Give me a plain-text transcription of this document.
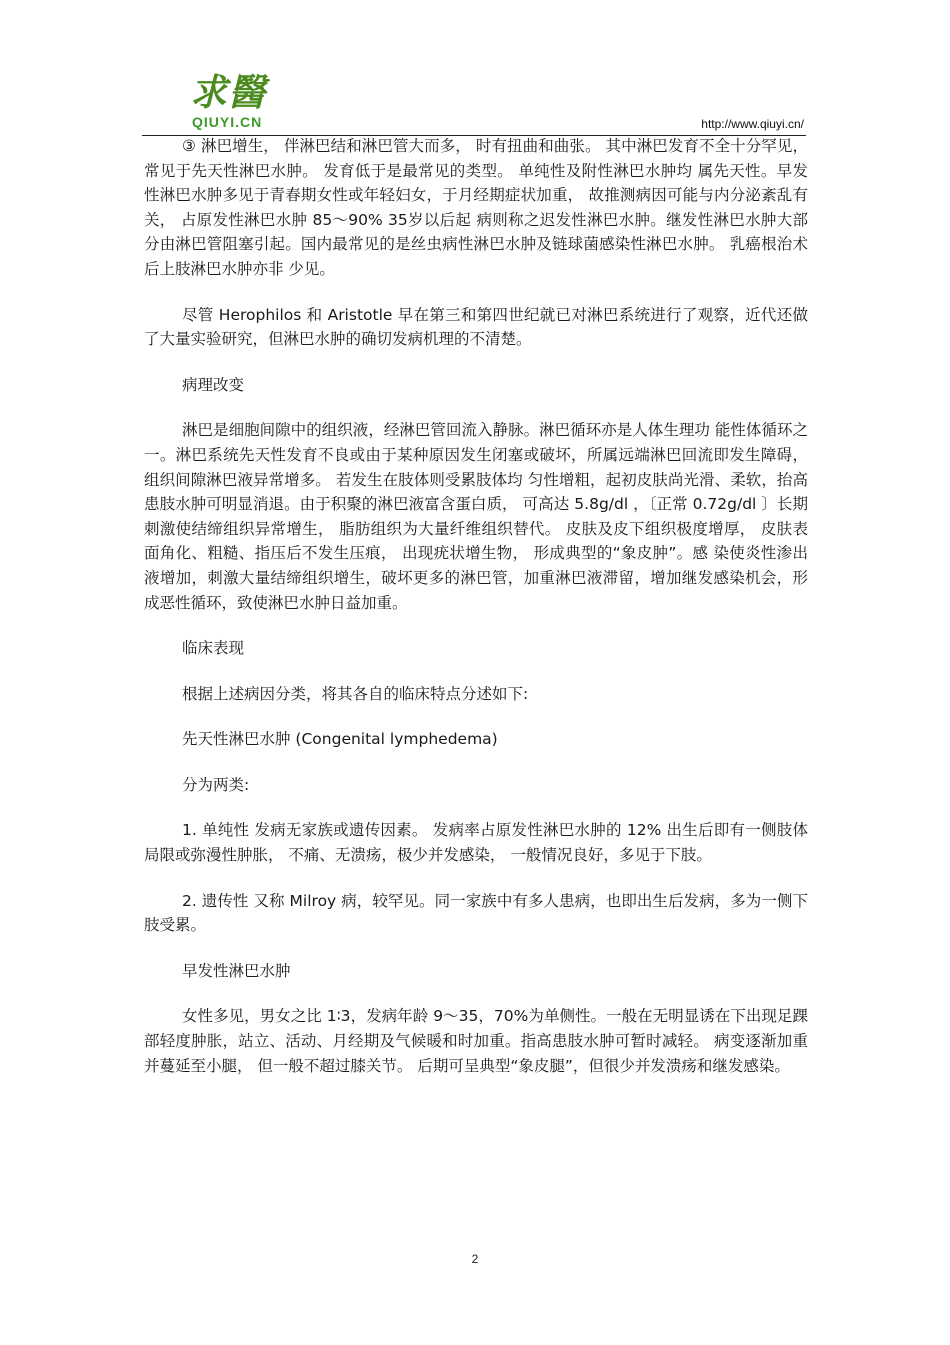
求醫
QIUYI.CN	http://www.qiuyi.cn/

③ 淋巴增生， 伴淋巴结和淋巴管大而多， 时有扭曲和曲张。 其中淋巴发育不全十分罕见， 常见于先天性淋巴水肿。 发育低于是最常见的类型。 单纯性及附性淋巴水肿均 属先天性。早发性淋巴水肿多见于青春期女性或年轻妇女，于月经期症状加重， 故推测病因可能与内分泌紊乱有关， 占原发性淋巴水肿 85～90% 35岁以后起 病则称之迟发性淋巴水肿。继发性淋巴水肿大部分由淋巴管阻塞引起。国内最常见的是丝虫病性淋巴水肿及链球菌感染性淋巴水肿。 乳癌根治术后上肢淋巴水肿亦非 少见。

尽管 Herophilos 和 Aristotle 早在第三和第四世纪就已对淋巴系统进行了观察，近代还做了大量实验研究，但淋巴水肿的确切发病机理的不清楚。

病理改变

淋巴是细胞间隙中的组织液，经淋巴管回流入静脉。淋巴循环亦是人体生理功 能性体循环之一。淋巴系统先天性发育不良或由于某种原因发生闭塞或破坏，所属远端淋巴回流即发生障碍， 组织间隙淋巴液异常增多。 若发生在肢体则受累肢体均 匀性增粗，起初皮肤尚光滑、柔软，抬高患肢水肿可明显消退。由于积聚的淋巴液富含蛋白质， 可高达 5.8g/dl ，〔正常 0.72g/dl 〕长期刺激使结缔组织异常增生， 脂肪组织为大量纤维组织替代。 皮肤及皮下组织极度增厚， 皮肤表面角化、粗糙、指压后不发生压痕， 出现疣状增生物， 形成典型的“象皮肿”。感 染使炎性渗出液增加，刺激大量结缔组织增生，破坏更多的淋巴管，加重淋巴液滞留，增加继发感染机会，形成恶性循环，致使淋巴水肿日益加重。

临床表现

根据上述病因分类，将其各自的临床特点分述如下:

先天性淋巴水肿 (Congenital lymphedema)

分为两类:

1. 单纯性 发病无家族或遗传因素。 发病率占原发性淋巴水肿的 12% 出生后即有一侧肢体局限或弥漫性肿胀， 不痛、无溃疡，极少并发感染， 一般情况良好，多见于下肢。

2. 遗传性 又称 Milroy 病，较罕见。同一家族中有多人患病，也即出生后发病，多为一侧下肢受累。

早发性淋巴水肿

女性多见，男女之比 1∶3，发病年龄 9～35，70%为单侧性。一般在无明显诱在下出现足踝部轻度肿胀，站立、活动、月经期及气候暖和时加重。指高患肢水肿可暂时减轻。 病变逐渐加重并蔓延至小腿， 但一般不超过膝关节。 后期可呈典型“象皮腿”，但很少并发溃疡和继发感染。

2
